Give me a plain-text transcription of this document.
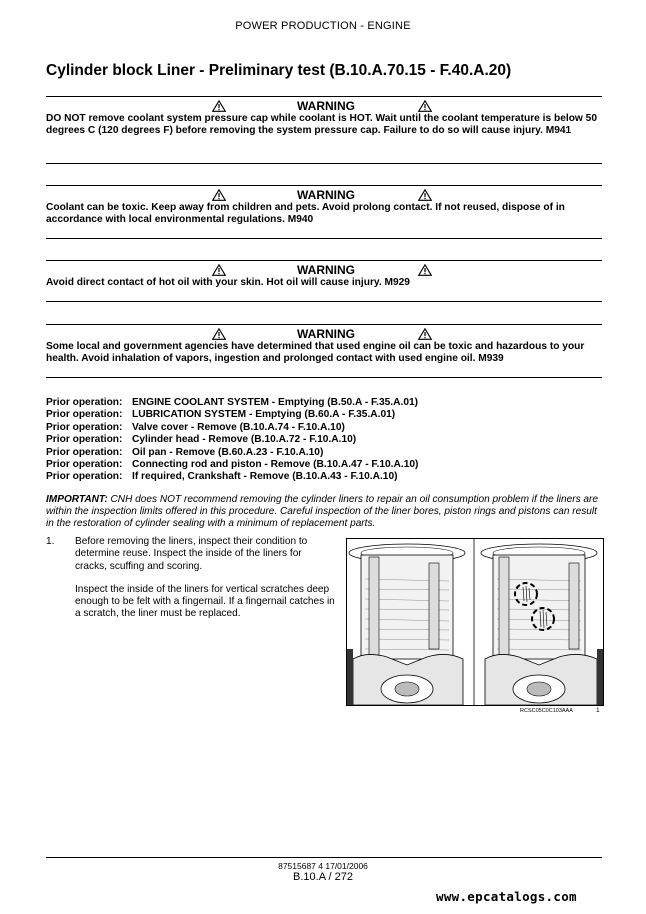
POWER PRODUCTION - ENGINE
Cylinder block Liner - Preliminary test (B.10.A.70.15 - F.40.A.20)
WARNING
DO NOT remove coolant system pressure cap while coolant is HOT. Wait until the coolant temperature is below 50 degrees C (120 degrees F) before removing the system pressure cap. Failure to do so will cause injury. M941
WARNING
Coolant can be toxic. Keep away from children and pets. Avoid prolong contact. If not reused, dispose of in accordance with local environmental regulations. M940
WARNING
Avoid direct contact of hot oil with your skin. Hot oil will cause injury. M929
WARNING
Some local and government agencies have determined that used engine oil can be toxic and hazardous to your health. Avoid inhalation of vapors, ingestion and prolonged contact with used engine oil. M939
Prior operation: ENGINE COOLANT SYSTEM - Emptying (B.50.A - F.35.A.01)
Prior operation: LUBRICATION SYSTEM - Emptying (B.60.A - F.35.A.01)
Prior operation: Valve cover - Remove (B.10.A.74 - F.10.A.10)
Prior operation: Cylinder head - Remove (B.10.A.72 - F.10.A.10)
Prior operation: Oil pan - Remove (B.60.A.23 - F.10.A.10)
Prior operation: Connecting rod and piston - Remove (B.10.A.47 - F.10.A.10)
Prior operation: If required, Crankshaft - Remove (B.10.A.43 - F.10.A.10)
IMPORTANT: CNH does NOT recommend removing the cylinder liners to repair an oil consumption problem if the liners are within the inspection limits offered in this procedure. Careful inspection of the liner bores, piston rings and pistons can result in the restoration of cylinder sealing with a minimum of replacement parts.
1. Before removing the liners, inspect their condition to determine reuse. Inspect the inside of the liners for cracks, scuffing and scoring.

Inspect the inside of the liners for vertical scratches deep enough to be felt with a fingernail. If a fingernail catches in a scratch, the liner must be replaced.

RCSC05C0C103AAA	1
87515687 4 17/01/2006
B.10.A / 272
www.epcatalogs.com
